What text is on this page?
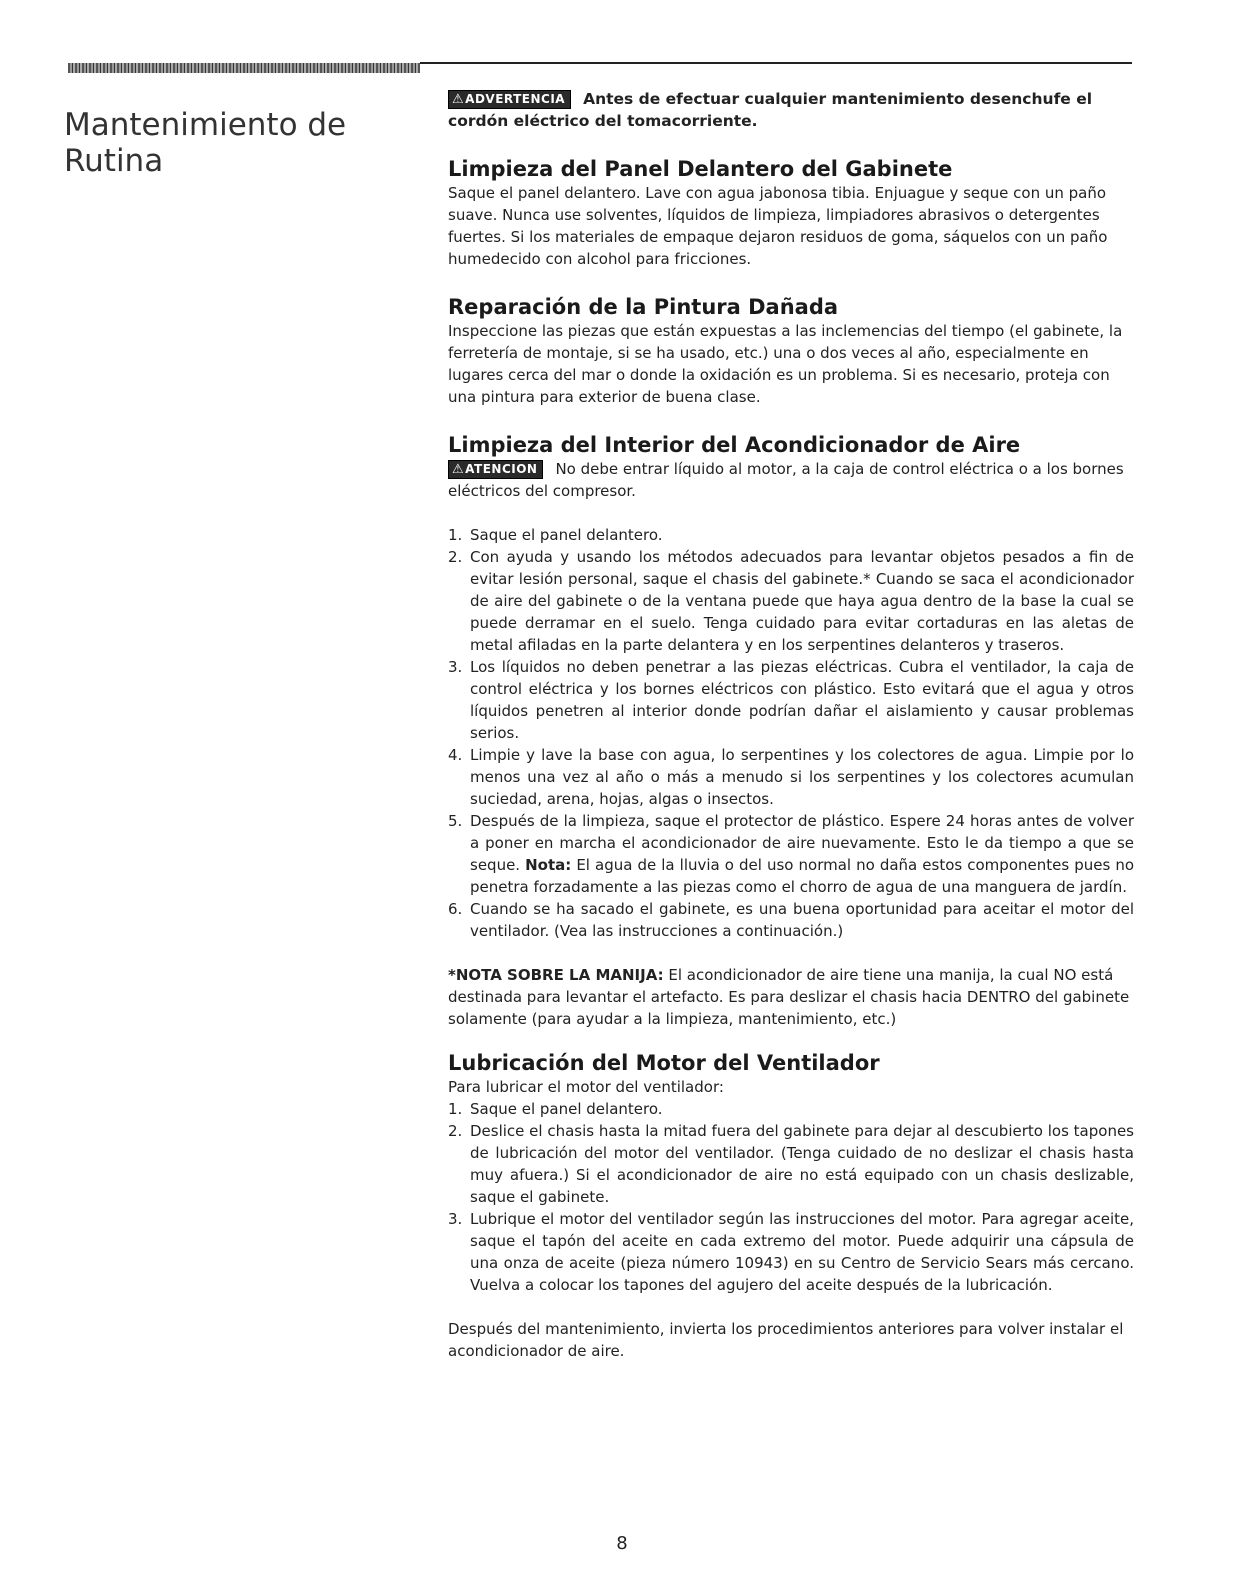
Mantenimiento de Rutina
⚠ADVERTENCIA Antes de efectuar cualquier mantenimiento desenchufe el cordón eléctrico del tomacorriente.
Limpieza del Panel Delantero del Gabinete

Saque el panel delantero. Lave con agua jabonosa tibia. Enjuague y seque con un paño suave. Nunca use solventes, líquidos de limpieza, limpiadores abrasivos o detergentes fuertes. Si los materiales de empaque dejaron residuos de goma, sáquelos con un paño humedecido con alcohol para fricciones.

Reparación de la Pintura Dañada

Inspeccione las piezas que están expuestas a las inclemencias del tiempo (el gabinete, la ferretería de montaje, si se ha usado, etc.) una o dos veces al año, especialmente en lugares cerca del mar o donde la oxidación es un problema. Si es necesario, proteja con una pintura para exterior de buena clase.

Limpieza del Interior del Acondicionador de Aire
⚠ATENCION No debe entrar líquido al motor, a la caja de control eléctrica o a los bornes eléctricos del compresor.
1. Saque el panel delantero.
2. Con ayuda y usando los métodos adecuados para levantar objetos pesados a fin de evitar lesión personal, saque el chasis del gabinete.* Cuando se saca el acondicionador de aire del gabinete o de la ventana puede que haya agua dentro de la base la cual se puede derramar en el suelo. Tenga cuidado para evitar cortaduras en las aletas de metal afiladas en la parte delantera y en los serpentines delanteros y traseros.
3. Los líquidos no deben penetrar a las piezas eléctricas. Cubra el ventilador, la caja de control eléctrica y los bornes eléctricos con plástico. Esto evitará que el agua y otros líquidos penetren al interior donde podrían dañar el aislamiento y causar problemas serios.
4. Limpie y lave la base con agua, lo serpentines y los colectores de agua. Limpie por lo menos una vez al año o más a menudo si los serpentines y los colectores acumulan suciedad, arena, hojas, algas o insectos.
5. Después de la limpieza, saque el protector de plástico. Espere 24 horas antes de volver a poner en marcha el acondicionador de aire nuevamente. Esto le da tiempo a que se seque. Nota: El agua de la lluvia o del uso normal no daña estos componentes pues no penetra forzadamente a las piezas como el chorro de agua de una manguera de jardín.
6. Cuando se ha sacado el gabinete, es una buena oportunidad para aceitar el motor del ventilador. (Vea las instrucciones a continuación.)

*NOTA SOBRE LA MANIJA: El acondicionador de aire tiene una manija, la cual NO está destinada para levantar el artefacto. Es para deslizar el chasis hacia DENTRO del gabinete solamente (para ayudar a la limpieza, mantenimiento, etc.)

Lubricación del Motor del Ventilador

Para lubricar el motor del ventilador:

1. Saque el panel delantero.
2. Deslice el chasis hasta la mitad fuera del gabinete para dejar al descubierto los tapones de lubricación del motor del ventilador. (Tenga cuidado de no deslizar el chasis hasta muy afuera.) Si el acondicionador de aire no está equipado con un chasis deslizable, saque el gabinete.
3. Lubrique el motor del ventilador según las instrucciones del motor. Para agregar aceite, saque el tapón del aceite en cada extremo del motor. Puede adquirir una cápsula de una onza de aceite (pieza número 10943) en su Centro de Servicio Sears más cercano. Vuelva a colocar los tapones del agujero del aceite después de la lubricación.

Después del mantenimiento, invierta los procedimientos anteriores para volver instalar el acondicionador de aire.

8
